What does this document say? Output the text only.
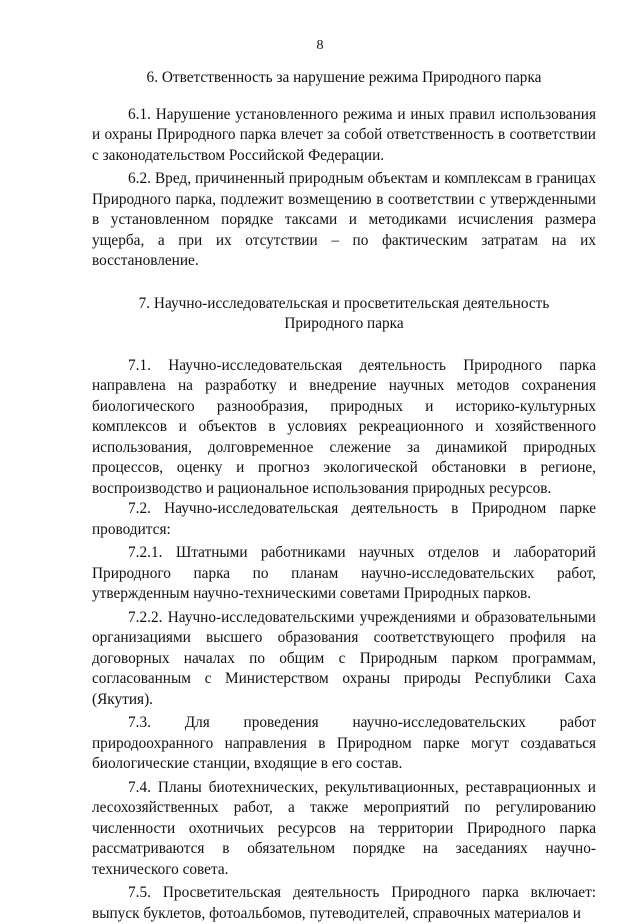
8
6. Ответственность за нарушение режима Природного парка

6.1. Нарушение установленного режима и иных правил использования и охраны Природного парка влечет за собой ответственность в соответствии с законодательством Российской Федерации.

6.2. Вред, причиненный природным объектам и комплексам в границах Природного парка, подлежит возмещению в соответствии с утвержденными в установленном порядке таксами и методиками исчисления размера ущерба, а при их отсутствии – по фактическим затратам на их восстановление.

7. Научно-исследовательская и просветительская деятельность
Природного парка

7.1. Научно-исследовательская деятельность Природного парка направлена на разработку и внедрение научных методов сохранения биологического разнообразия, природных и историко-культурных комплексов и объектов в условиях рекреационного и хозяйственного использования, долговременное слежение за динамикой природных процессов, оценку и прогноз экологической обстановки в регионе, воспроизводство и рациональное использования природных ресурсов.

7.2. Научно-исследовательская деятельность в Природном парке проводится:

7.2.1. Штатными работниками научных отделов и лабораторий Природного парка по планам научно-исследовательских работ, утвержденным научно-техническими советами Природных парков.

7.2.2. Научно-исследовательскими учреждениями и образовательными организациями высшего образования соответствующего профиля на договорных началах по общим с Природным парком программам, согласованным с Министерством охраны природы Республики Саха (Якутия).

7.3. Для проведения научно-исследовательских работ природоохранного направления в Природном парке могут создаваться биологические станции, входящие в его состав.

7.4. Планы биотехнических, рекультивационных, реставрационных и лесохозяйственных работ, а также мероприятий по регулированию численности охотничьих ресурсов на территории Природного парка рассматриваются в обязательном порядке на заседаниях научно-технического совета.

7.5. Просветительская деятельность Природного парка включает: выпуск буклетов, фотоальбомов, путеводителей, справочных материалов и
